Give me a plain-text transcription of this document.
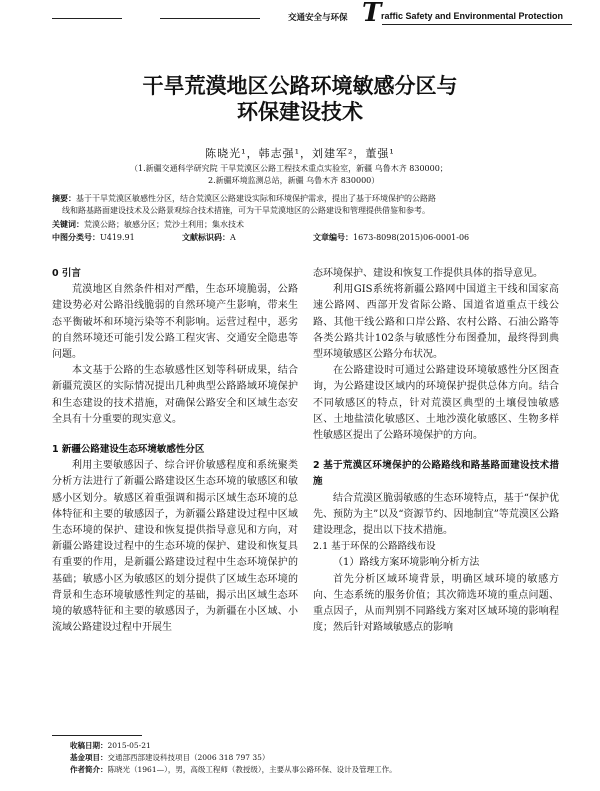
交通安全与环保 T raffic Safety and Environmental Protection
干旱荒漠地区公路环境敏感分区与
环保建设技术
陈晓光¹，韩志强¹，刘建军²，董强¹
（1.新疆交通科学研究院 干旱荒漠区公路工程技术重点实验室，新疆 乌鲁木齐 830000；
2.新疆环境监测总站，新疆 乌鲁木齐 830000）
摘要：基于干旱荒漠区敏感性分区，结合荒漠区公路建设实际和环境保护需求，提出了基于环境保护的公路路
线和路基路面建设技术及公路景观综合技术措施，可为干旱荒漠地区的公路建设和管理提供借鉴和参考。
关键词：荒漠公路；敏感分区；荒沙土利用；集水技术
中图分类号：U419.91	文献标识码：A	文章编号：1673-8098(2015)06-0001-06
0 引言

荒漠地区自然条件相对严酷，生态环境脆弱，公路建设势必对公路沿线脆弱的自然环境产生影响，带来生态平衡破坏和环境污染等不利影响。运营过程中，恶劣的自然环境还可能引发公路工程灾害、交通安全隐患等问题。

本文基于公路的生态敏感性区划等科研成果，结合新疆荒漠区的实际情况提出几种典型公路路域环境保护和生态建设的技术措施，对确保公路安全和区域生态安全具有十分重要的现实意义。

1 新疆公路建设生态环境敏感性分区

利用主要敏感因子、综合评价敏感程度和系统聚类分析方法进行了新疆公路建设区生态环境的敏感区和敏感小区划分。敏感区着重强调和揭示区域生态环境的总体特征和主要的敏感因子，为新疆公路建设过程中区域生态环境的保护、建设和恢复提供指导意见和方向，对新疆公路建设过程中的生态环境的保护、建设和恢复具有重要的作用，是新疆公路建设过程中生态环境保护的基础；敏感小区为敏感区的划分提供了区域生态环境的背景和生态环境敏感性判定的基础，揭示出区域生态环境的敏感特征和主要的敏感因子，为新疆在小区域、小流域公路建设过程中开展生

态环境保护、建设和恢复工作提供具体的指导意见。

利用GIS系统将新疆公路网中国道主干线和国家高速公路网、西部开发省际公路、国道省道重点干线公路、其他干线公路和口岸公路、农村公路、石油公路等各类公路共计102条与敏感性分布图叠加，最终得到典型环境敏感区公路分布状况。

在公路建设时可通过公路建设环境敏感性分区图查询，为公路建设区域内的环境保护提供总体方向。结合不同敏感区的特点，针对荒漠区典型的土壤侵蚀敏感区、土地盐渍化敏感区、土地沙漠化敏感区、生物多样性敏感区提出了公路环境保护的方向。

2 基于荒漠区环境保护的公路路线和路基路面建设技术措施

结合荒漠区脆弱敏感的生态环境特点，基于“保护优先、预防为主”以及“资源节约、因地制宜”等荒漠区公路建设理念，提出以下技术措施。

2.1 基于环保的公路路线布设

（1）路线方案环境影响分析方法

首先分析区域环境背景，明确区域环境的敏感方向、生态系统的服务价值；其次筛选环境的重点问题、重点因子，从而判别不同路线方案对区域环境的影响程度；然后针对路域敏感点的影响

收稿日期：2015-05-21
基金项目：交通部西部建设科技项目（2006 318 797 35）
作者简介：陈晓光（1961—），男，高级工程师（教授级），主要从事公路环保、设计及管理工作。
